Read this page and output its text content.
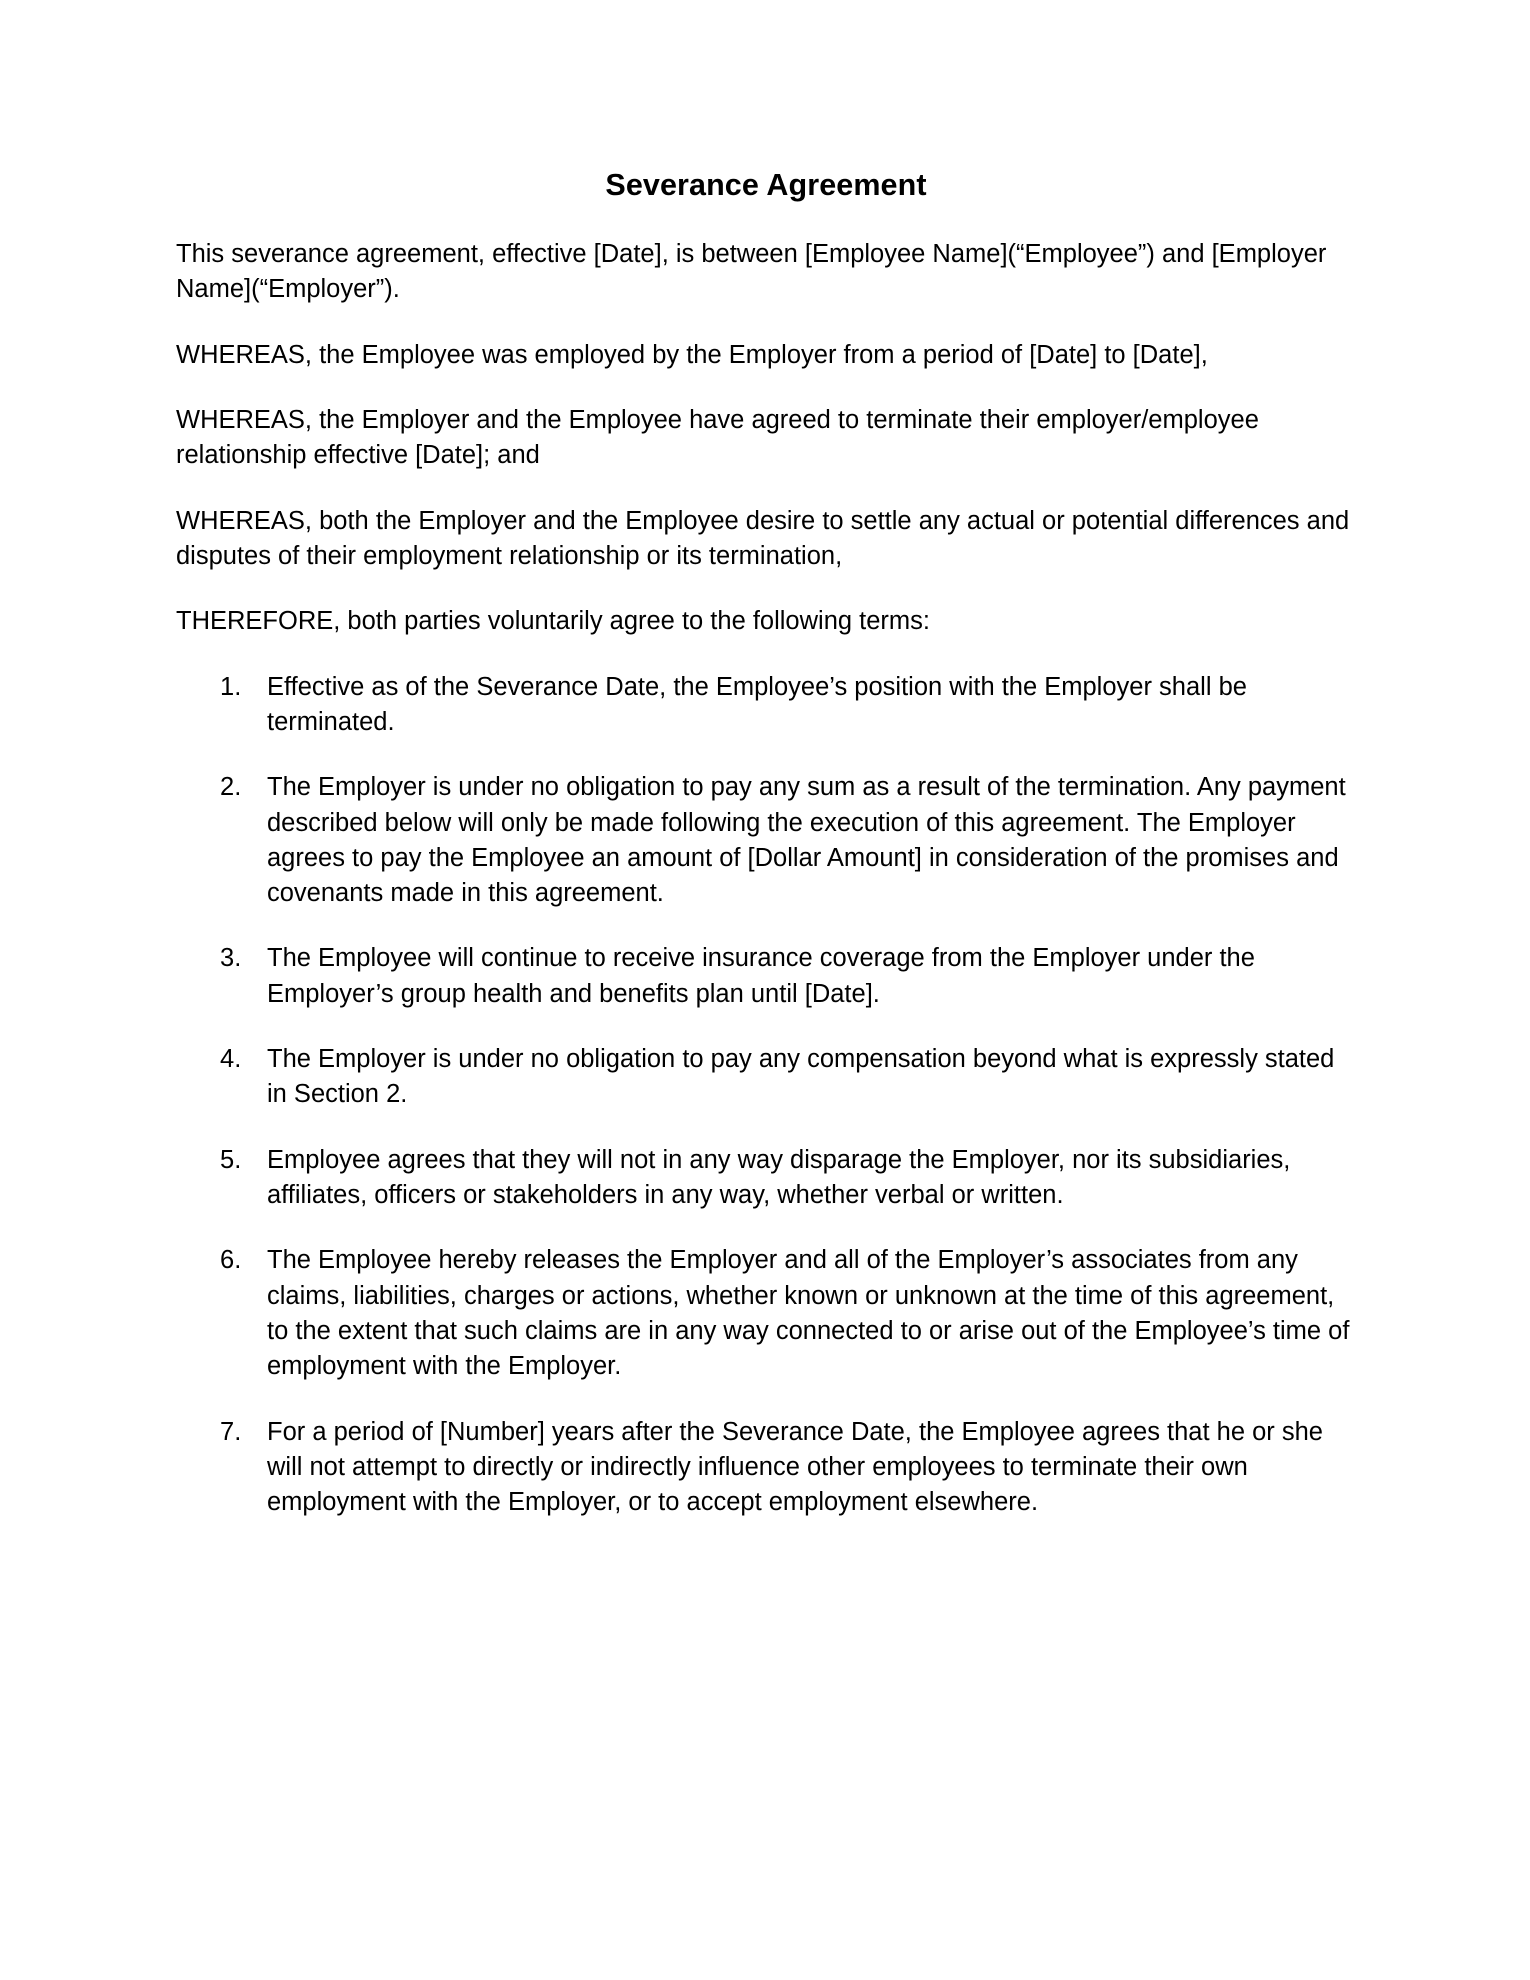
Severance Agreement

This severance agreement, effective [Date], is between [Employee Name](“Employee”) and [Employer Name](“Employer”).

WHEREAS, the Employee was employed by the Employer from a period of [Date] to [Date],

WHEREAS, the Employer and the Employee have agreed to terminate their employer/employee relationship effective [Date]; and

WHEREAS, both the Employer and the Employee desire to settle any actual or potential differences and disputes of their employment relationship or its termination,

THEREFORE, both parties voluntarily agree to the following terms:

Effective as of the Severance Date, the Employee’s position with the Employer shall be terminated.
The Employer is under no obligation to pay any sum as a result of the termination. Any payment described below will only be made following the execution of this agreement. The Employer agrees to pay the Employee an amount of [Dollar Amount] in consideration of the promises and covenants made in this agreement.
The Employee will continue to receive insurance coverage from the Employer under the Employer’s group health and benefits plan until [Date].
The Employer is under no obligation to pay any compensation beyond what is expressly stated in Section 2.
Employee agrees that they will not in any way disparage the Employer, nor its subsidiaries, affiliates, officers or stakeholders in any way, whether verbal or written.
The Employee hereby releases the Employer and all of the Employer’s associates from any claims, liabilities, charges or actions, whether known or unknown at the time of this agreement, to the extent that such claims are in any way connected to or arise out of the Employee’s time of employment with the Employer.
For a period of [Number] years after the Severance Date, the Employee agrees that he or she will not attempt to directly or indirectly influence other employees to terminate their own employment with the Employer, or to accept employment elsewhere.
